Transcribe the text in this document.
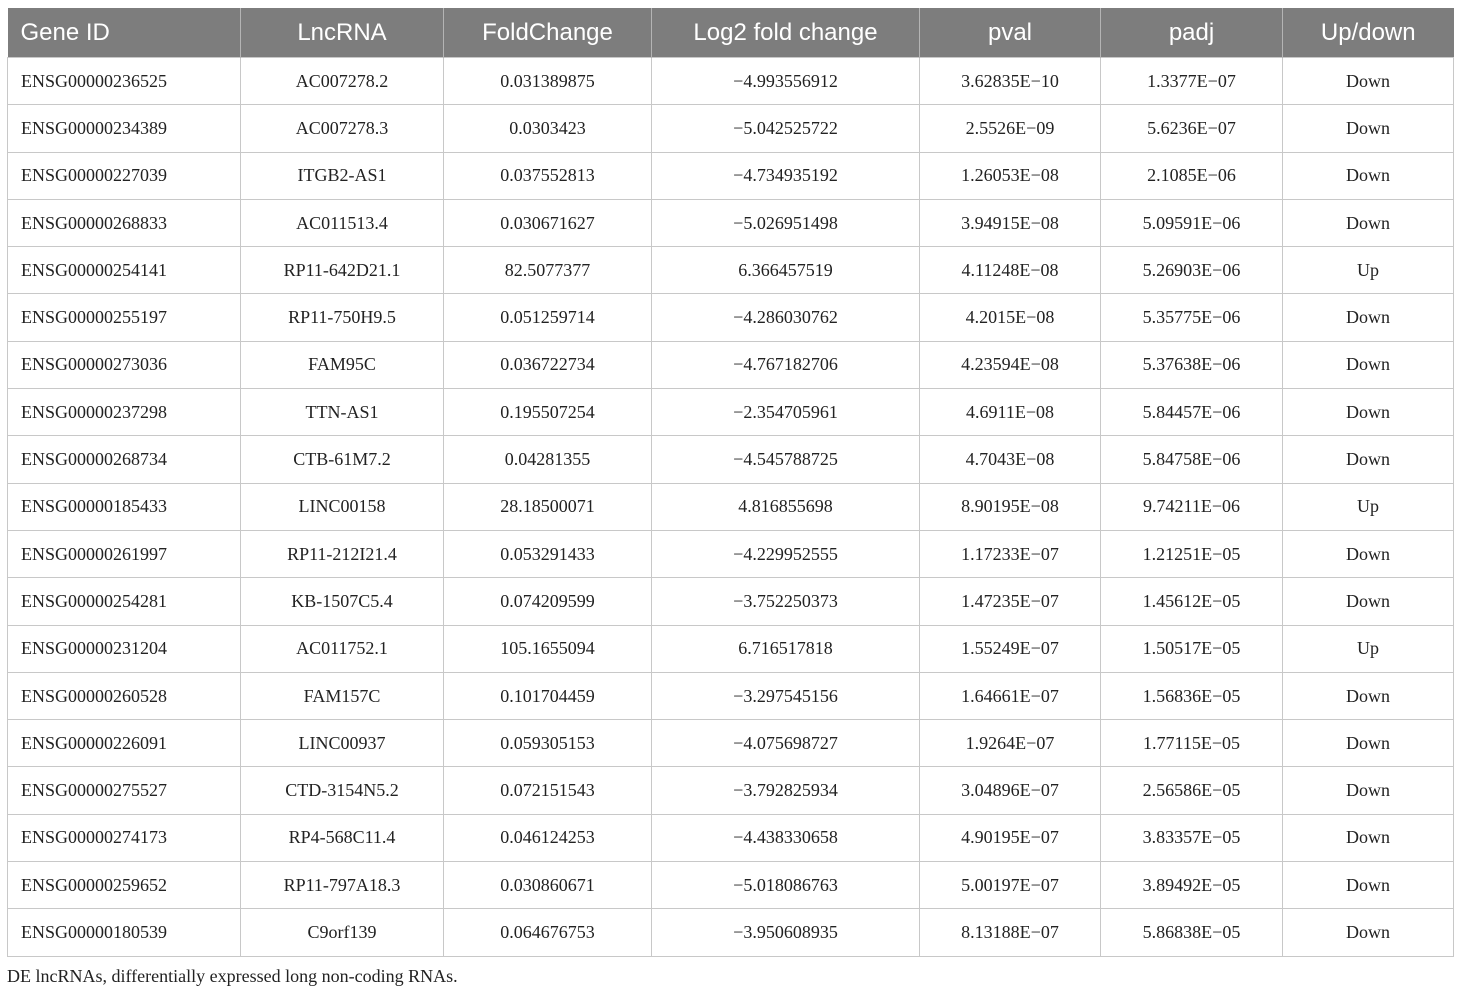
Gene ID	LncRNA	FoldChange	Log2 fold change	pval	padj	Up/down
ENSG00000236525	AC007278.2	0.031389875	−4.993556912	3.62835E−10	1.3377E−07	Down
ENSG00000234389	AC007278.3	0.0303423	−5.042525722	2.5526E−09	5.6236E−07	Down
ENSG00000227039	ITGB2-AS1	0.037552813	−4.734935192	1.26053E−08	2.1085E−06	Down
ENSG00000268833	AC011513.4	0.030671627	−5.026951498	3.94915E−08	5.09591E−06	Down
ENSG00000254141	RP11-642D21.1	82.5077377	6.366457519	4.11248E−08	5.26903E−06	Up
ENSG00000255197	RP11-750H9.5	0.051259714	−4.286030762	4.2015E−08	5.35775E−06	Down
ENSG00000273036	FAM95C	0.036722734	−4.767182706	4.23594E−08	5.37638E−06	Down
ENSG00000237298	TTN-AS1	0.195507254	−2.354705961	4.6911E−08	5.84457E−06	Down
ENSG00000268734	CTB-61M7.2	0.04281355	−4.545788725	4.7043E−08	5.84758E−06	Down
ENSG00000185433	LINC00158	28.18500071	4.816855698	8.90195E−08	9.74211E−06	Up
ENSG00000261997	RP11-212I21.4	0.053291433	−4.229952555	1.17233E−07	1.21251E−05	Down
ENSG00000254281	KB-1507C5.4	0.074209599	−3.752250373	1.47235E−07	1.45612E−05	Down
ENSG00000231204	AC011752.1	105.1655094	6.716517818	1.55249E−07	1.50517E−05	Up
ENSG00000260528	FAM157C	0.101704459	−3.297545156	1.64661E−07	1.56836E−05	Down
ENSG00000226091	LINC00937	0.059305153	−4.075698727	1.9264E−07	1.77115E−05	Down
ENSG00000275527	CTD-3154N5.2	0.072151543	−3.792825934	3.04896E−07	2.56586E−05	Down
ENSG00000274173	RP4-568C11.4	0.046124253	−4.438330658	4.90195E−07	3.83357E−05	Down
ENSG00000259652	RP11-797A18.3	0.030860671	−5.018086763	5.00197E−07	3.89492E−05	Down
ENSG00000180539	C9orf139	0.064676753	−3.950608935	8.13188E−07	5.86838E−05	Down
DE lncRNAs, differentially expressed long non-coding RNAs.
